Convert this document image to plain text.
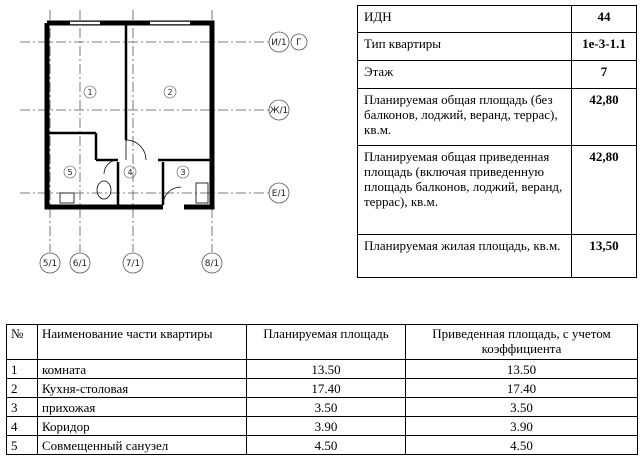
1	2
3
4
5
И/1 Г
Ж/1
Е/1
5/1 6/1	7/1	8/1
ИДН	44
Тип квартиры	1е-3-1.1
Этаж	7
Планируемая общая площадь (без балконов, лоджий, веранд, террас), кв.м.	42,80
Планируемая общая приведенная площадь (включая приведенную площадь балконов, лоджий, веранд, террас), кв.м.	42,80
Планируемая жилая площадь, кв.м.	13,50
№	Наименование части квартиры	Планируемая площадь	Приведенная площадь, с учетом коэффициента
1	комната	13.50	13.50
2	Кухня-столовая	17.40	17.40
3	прихожая	3.50	3.50
4	Коридор	3.90	3.90
5	Совмещенный санузел	4.50	4.50
